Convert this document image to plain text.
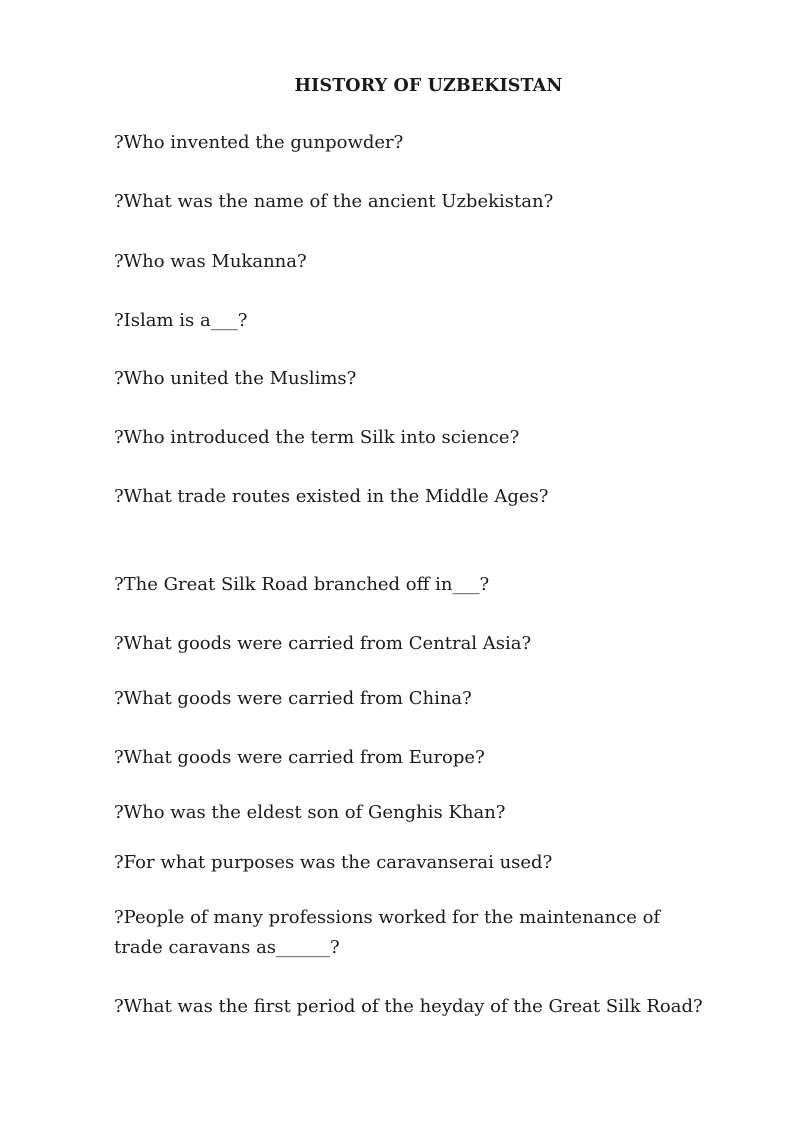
HISTORY OF UZBEKISTAN

?Who invented the gunpowder?

?What was the name of the ancient Uzbekistan?

?Who was Mukanna?

?Islam is a___?

?Who united the Muslims?

?Who introduced the term Silk into science?

?What trade routes existed in the Middle Ages?

?The Great Silk Road branched off in___?

?What goods were carried from Central Asia?

?What goods were carried from China?

?What goods were carried from Europe?

?Who was the eldest son of Genghis Khan?

?For what purposes was the caravanserai used?

?People of many professions worked for the maintenance of trade caravans as______?

?What was the first period of the heyday of the Great Silk Road?
